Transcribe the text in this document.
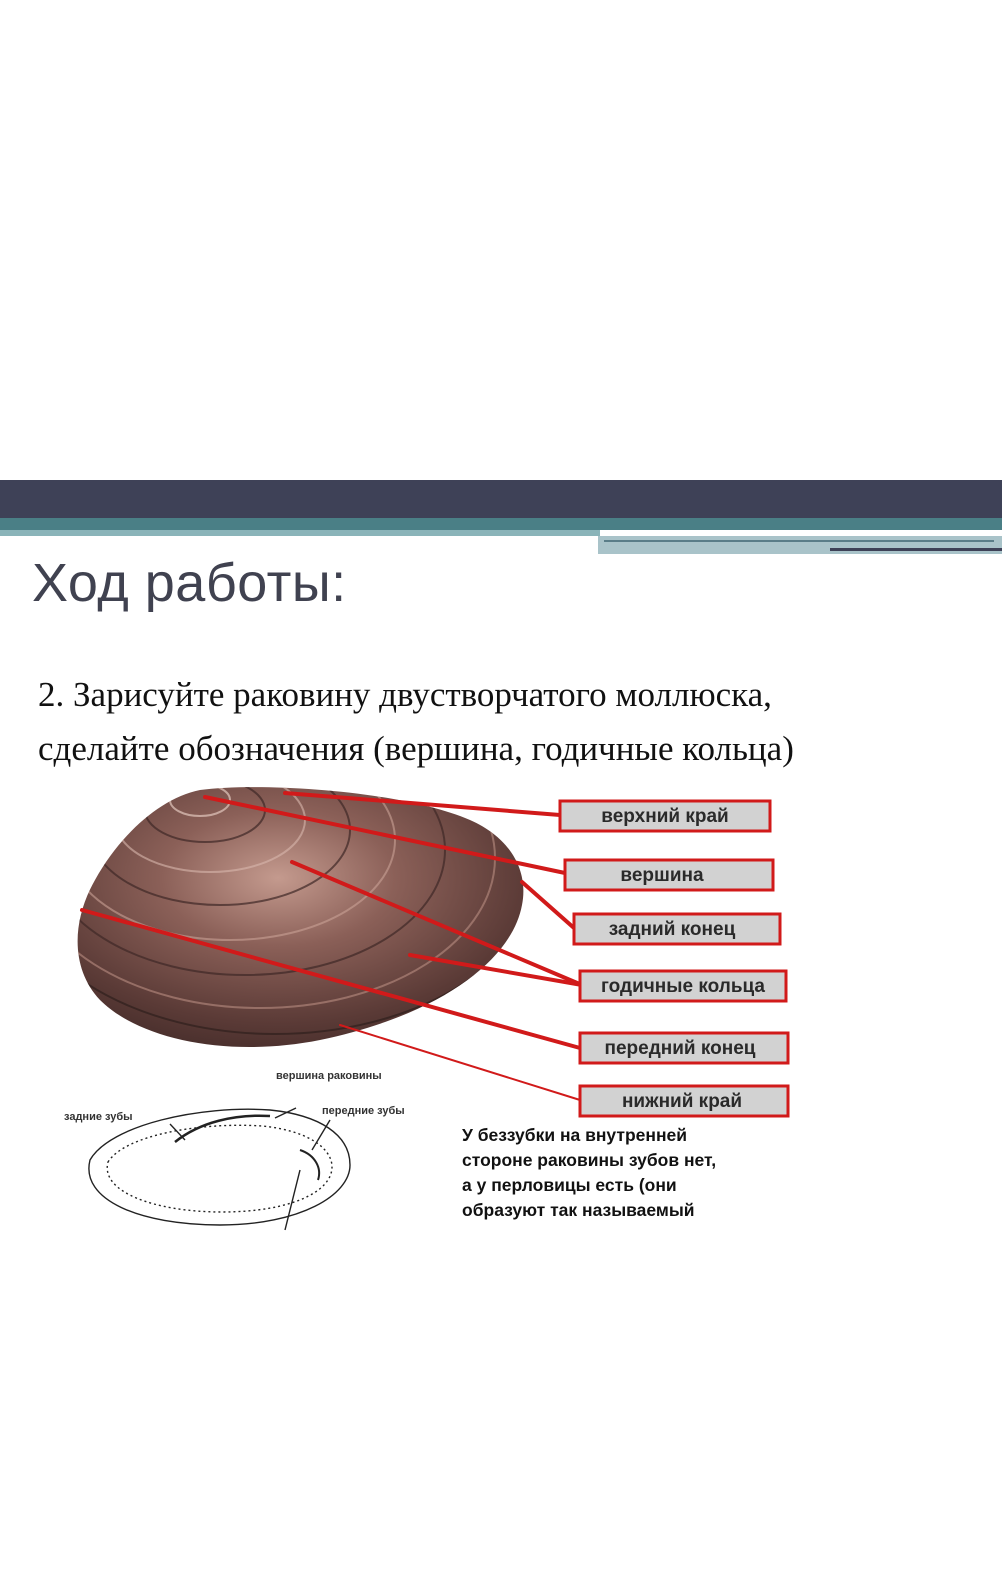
Ход работы:
2. Зарисуйте раковину двустворчатого моллюска,
сделайте обозначения (вершина, годичные кольца)
вершина раковины
задние зубы	передние зубы
верхний край
вершина
задний конец
годичные кольца
передний конец
нижний край
У беззубки на внутренней
стороне раковины зубов нет,
а у перловицы есть (они
образуют так называемый
